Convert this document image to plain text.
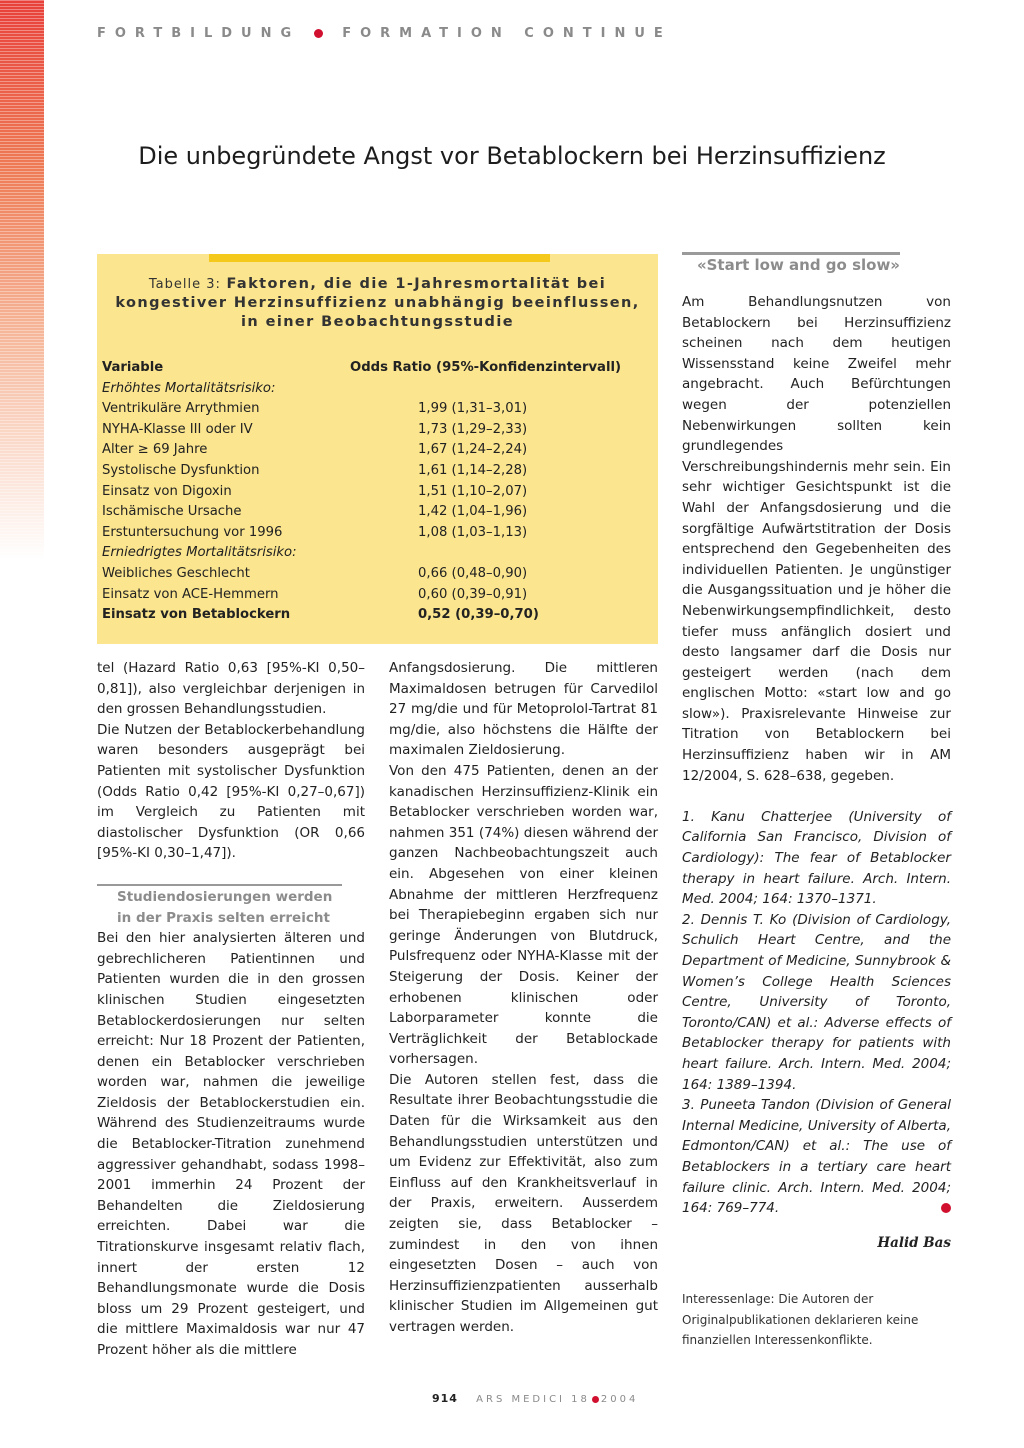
FORTBILDUNG	FORMATION CONTINUE
Die unbegründete Angst vor Betablockern bei Herzinsuffizienz
Tabelle 3: Faktoren, die die 1-Jahresmortalität bei
kongestiver Herzinsuffizienz unabhängig beeinflussen,
in einer Beobachtungsstudie
Variable	Odds Ratio (95%-Konfidenzintervall)
Erhöhtes Mortalitätsrisiko:
Ventrikuläre Arrythmien	1,99 (1,31–3,01)
NYHA-Klasse III oder IV	1,73 (1,29–2,33)
Alter ≥ 69 Jahre	1,67 (1,24–2,24)
Systolische Dysfunktion	1,61 (1,14–2,28)
Einsatz von Digoxin	1,51 (1,10–2,07)
Ischämische Ursache	1,42 (1,04–1,96)
Erstuntersuchung vor 1996	1,08 (1,03–1,13)
Erniedrigtes Mortalitätsrisiko:
Weibliches Geschlecht	0,66 (0,48–0,90)
Einsatz von ACE-Hemmern	0,60 (0,39–0,91)
Einsatz von Betablockern	0,52 (0,39–0,70)

tel (Hazard Ratio 0,63 [95%-KI 0,50–0,81]), also vergleichbar derjenigen in den grossen Behandlungsstudien.

Die Nutzen der Betablockerbehandlung waren besonders ausgeprägt bei Patienten mit systolischer Dysfunktion (Odds Ratio 0,42 [95%-KI 0,27–0,67]) im Vergleich zu Patienten mit diastolischer Dysfunktion (OR 0,66 [95%-KI 0,30–1,47]).

Studiendosierungen werden in der Praxis selten erreicht

Bei den hier analysierten älteren und gebrechlicheren Patientinnen und Patienten wurden die in den grossen klinischen Studien eingesetzten Betablockerdosierungen nur selten erreicht: Nur 18 Prozent der Patienten, denen ein Betablocker verschrieben worden war, nahmen die jeweilige Zieldosis der Betablockerstudien ein. Während des Studienzeitraums wurde die Betablocker-Titration zunehmend aggressiver gehandhabt, sodass 1998–2001 immerhin 24 Prozent der Behandelten die Zieldosierung erreichten. Dabei war die Titrationskurve insgesamt relativ flach, innert der ersten 12 Behandlungsmonate wurde die Dosis bloss um 29 Prozent gesteigert, und die mittlere Maximaldosis war nur 47 Prozent höher als die mittlere

Anfangsdosierung. Die mittleren Maximaldosen betrugen für Carvedilol 27 mg/die und für Metoprolol-Tartrat 81 mg/die, also höchstens die Hälfte der maximalen Zieldosierung.

Von den 475 Patienten, denen an der kanadischen Herzinsuffizienz-Klinik ein Betablocker verschrieben worden war, nahmen 351 (74%) diesen während der ganzen Nachbeobachtungszeit auch ein. Abgesehen von einer kleinen Abnahme der mittleren Herzfrequenz bei Therapiebeginn ergaben sich nur geringe Änderungen von Blutdruck, Pulsfrequenz oder NYHA-Klasse mit der Steigerung der Dosis. Keiner der erhobenen klinischen oder Laborparameter konnte die Verträglichkeit der Betablockade vorhersagen.

Die Autoren stellen fest, dass die Resultate ihrer Beobachtungsstudie die Daten für die Wirksamkeit aus den Behandlungsstudien unterstützen und um Evidenz zur Effektivität, also zum Einfluss auf den Krankheitsverlauf in der Praxis, erweitern. Ausserdem zeigten sie, dass Betablocker – zumindest in den von ihnen eingesetzten Dosen – auch von Herzinsuffizienzpatienten ausserhalb klinischer Studien im Allgemeinen gut vertragen werden.

«Start low and go slow»

Am Behandlungsnutzen von Betablockern bei Herzinsuffizienz scheinen nach dem heutigen Wissensstand keine Zweifel mehr angebracht. Auch Befürchtungen wegen der potenziellen Nebenwirkungen sollten kein grundlegendes Verschreibungshindernis mehr sein. Ein sehr wichtiger Gesichtspunkt ist die Wahl der Anfangsdosierung und die sorgfältige Aufwärtstitration der Dosis entsprechend den Gegebenheiten des individuellen Patienten. Je ungünstiger die Ausgangssituation und je höher die Nebenwirkungsempfindlichkeit, desto tiefer muss anfänglich dosiert und desto langsamer darf die Dosis nur gesteigert werden (nach dem englischen Motto: «start low and go slow»). Praxisrelevante Hinweise zur Titration von Betablockern bei Herzinsuffizienz haben wir in AM 12/2004, S. 628–638, gegeben.

1. Kanu Chatterjee (University of California San Francisco, Division of Cardiology): The fear of Betablocker therapy in heart failure. Arch. Intern. Med. 2004; 164: 1370–1371.

2. Dennis T. Ko (Division of Cardiology, Schulich Heart Centre, and the Department of Medicine, Sunnybrook & Women’s College Health Sciences Centre, University of Toronto, Toronto/CAN) et al.: Adverse effects of Betablocker therapy for patients with heart failure. Arch. Intern. Med. 2004; 164: 1389–1394.

3. Puneeta Tandon (Division of General Internal Medicine, University of Alberta, Edmonton/CAN) et al.: The use of Betablockers in a tertiary care heart failure clinic. Arch. Intern. Med. 2004; 164: 769–774.

Halid Bas

Interessenlage: Die Autoren der Originalpublikationen deklarieren keine finanziellen Interessenkonflikte.

914 ARS MEDICI 18 2004
